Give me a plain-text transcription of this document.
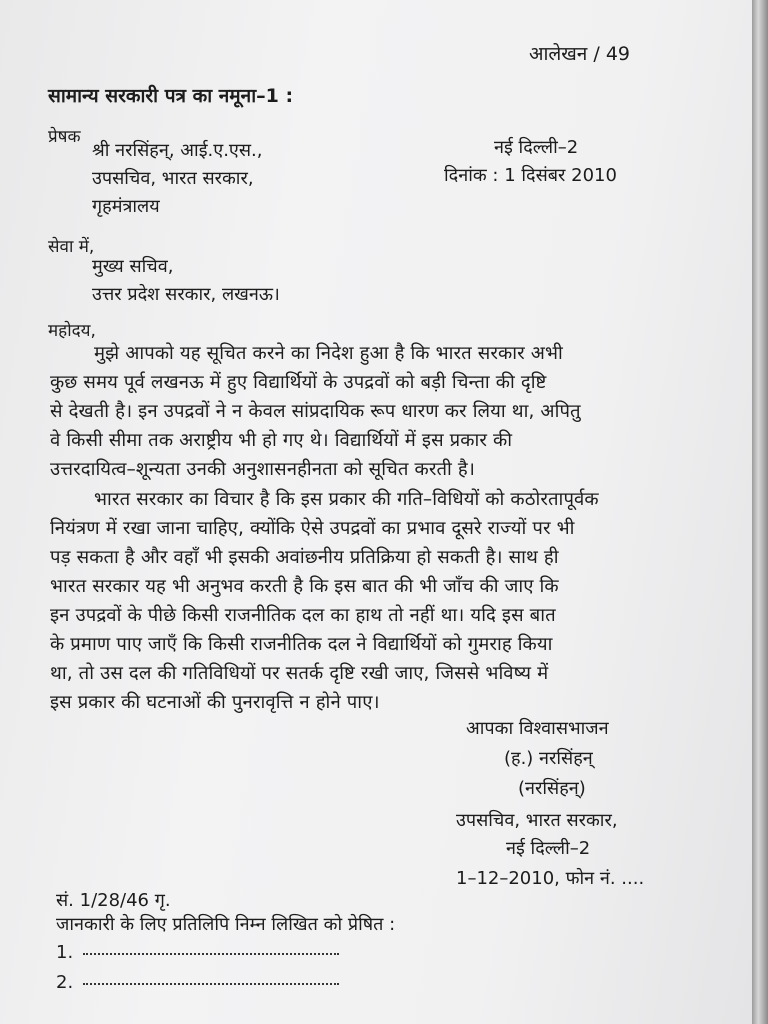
आलेखन / 49
सामान्य सरकारी पत्र का नमूना–1 :
प्रेषक
श्री नरसिंहन्, आई.ए.एस.,
उपसचिव, भारत सरकार,
गृहमंत्रालय
नई दिल्ली–2
दिनांक : 1 दिसंबर 2010
सेवा में,
मुख्य सचिव,
उत्तर प्रदेश सरकार, लखनऊ।
महोदय,
मुझे आपको यह सूचित करने का निदेश हुआ है कि भारत सरकार अभी
कुछ समय पूर्व लखनऊ में हुए विद्यार्थियों के उपद्रवों को बड़ी चिन्ता की दृष्टि
से देखती है। इन उपद्रवों ने न केवल सांप्रदायिक रूप धारण कर लिया था, अपितु
वे किसी सीमा तक अराष्ट्रीय भी हो गए थे। विद्यार्थियों में इस प्रकार की
उत्तरदायित्व–शून्यता उनकी अनुशासनहीनता को सूचित करती है।
भारत सरकार का विचार है कि इस प्रकार की गति–विधियों को कठोरतापूर्वक
नियंत्रण में रखा जाना चाहिए, क्योंकि ऐसे उपद्रवों का प्रभाव दूसरे राज्यों पर भी
पड़ सकता है और वहाँ भी इसकी अवांछनीय प्रतिक्रिया हो सकती है। साथ ही
भारत सरकार यह भी अनुभव करती है कि इस बात की भी जाँच की जाए कि
इन उपद्रवों के पीछे किसी राजनीतिक दल का हाथ तो नहीं था। यदि इस बात
के प्रमाण पाए जाएँ कि किसी राजनीतिक दल ने विद्यार्थियों को गुमराह किया
था, तो उस दल की गतिविधियों पर सतर्क दृष्टि रखी जाए, जिससे भविष्य में
इस प्रकार की घटनाओं की पुनरावृत्ति न होने पाए।
आपका विश्वासभाजन
(ह.) नरसिंहन्
(नरसिंहन्)
उपसचिव, भारत सरकार,
नई दिल्ली–2
1–12–2010, फोन नं. ....
सं. 1/28/46 गृ.
जानकारी के लिए प्रतिलिपि निम्न लिखित को प्रेषित :
1.
2.
